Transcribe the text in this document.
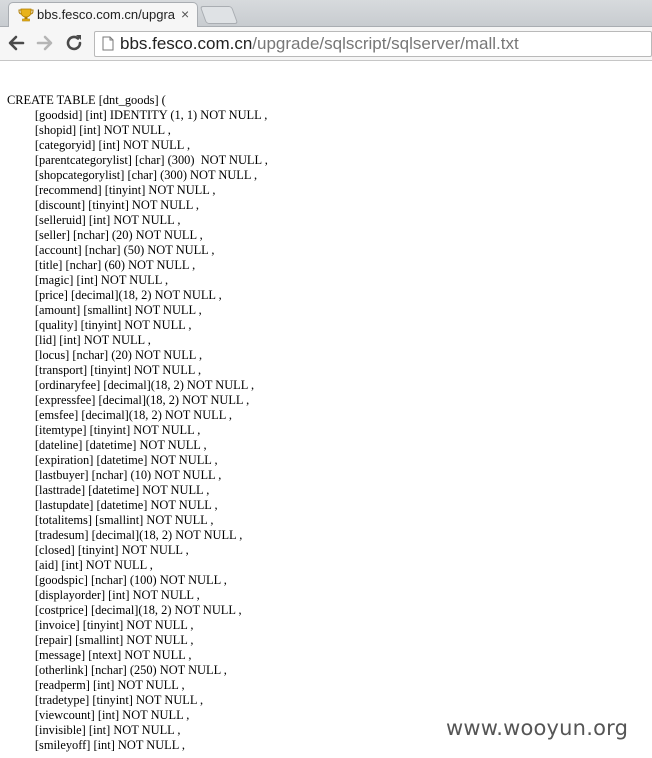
bbs.fesco.com.cn/upgra ×
bbs.fesco.com.cn/upgrade/sqlscript/sqlserver/mall.txt
CREATE TABLE [dnt_goods] (
[goodsid] [int] IDENTITY (1, 1) NOT NULL ,
[shopid] [int] NOT NULL ,
[categoryid] [int] NOT NULL ,
[parentcategorylist] [char] (300)  NOT NULL ,
[shopcategorylist] [char] (300) NOT NULL ,
[recommend] [tinyint] NOT NULL ,
[discount] [tinyint] NOT NULL ,
[selleruid] [int] NOT NULL ,
[seller] [nchar] (20) NOT NULL ,
[account] [nchar] (50) NOT NULL ,
[title] [nchar] (60) NOT NULL ,
[magic] [int] NOT NULL ,
[price] [decimal](18, 2) NOT NULL ,
[amount] [smallint] NOT NULL ,
[quality] [tinyint] NOT NULL ,
[lid] [int] NOT NULL ,
[locus] [nchar] (20) NOT NULL ,
[transport] [tinyint] NOT NULL ,
[ordinaryfee] [decimal](18, 2) NOT NULL ,
[expressfee] [decimal](18, 2) NOT NULL ,
[emsfee] [decimal](18, 2) NOT NULL ,
[itemtype] [tinyint] NOT NULL ,
[dateline] [datetime] NOT NULL ,
[expiration] [datetime] NOT NULL ,
[lastbuyer] [nchar] (10) NOT NULL ,
[lasttrade] [datetime] NOT NULL ,
[lastupdate] [datetime] NOT NULL ,
[totalitems] [smallint] NOT NULL ,
[tradesum] [decimal](18, 2) NOT NULL ,
[closed] [tinyint] NOT NULL ,
[aid] [int] NOT NULL ,
[goodspic] [nchar] (100) NOT NULL ,
[displayorder] [int] NOT NULL ,
[costprice] [decimal](18, 2) NOT NULL ,
[invoice] [tinyint] NOT NULL ,
[repair] [smallint] NOT NULL ,
[message] [ntext] NOT NULL ,
[otherlink] [nchar] (250) NOT NULL ,
[readperm] [int] NOT NULL ,
[tradetype] [tinyint] NOT NULL ,
[viewcount] [int] NOT NULL ,
[invisible] [int] NOT NULL ,
[smileyoff] [int] NOT NULL ,
www.wooyun.org
